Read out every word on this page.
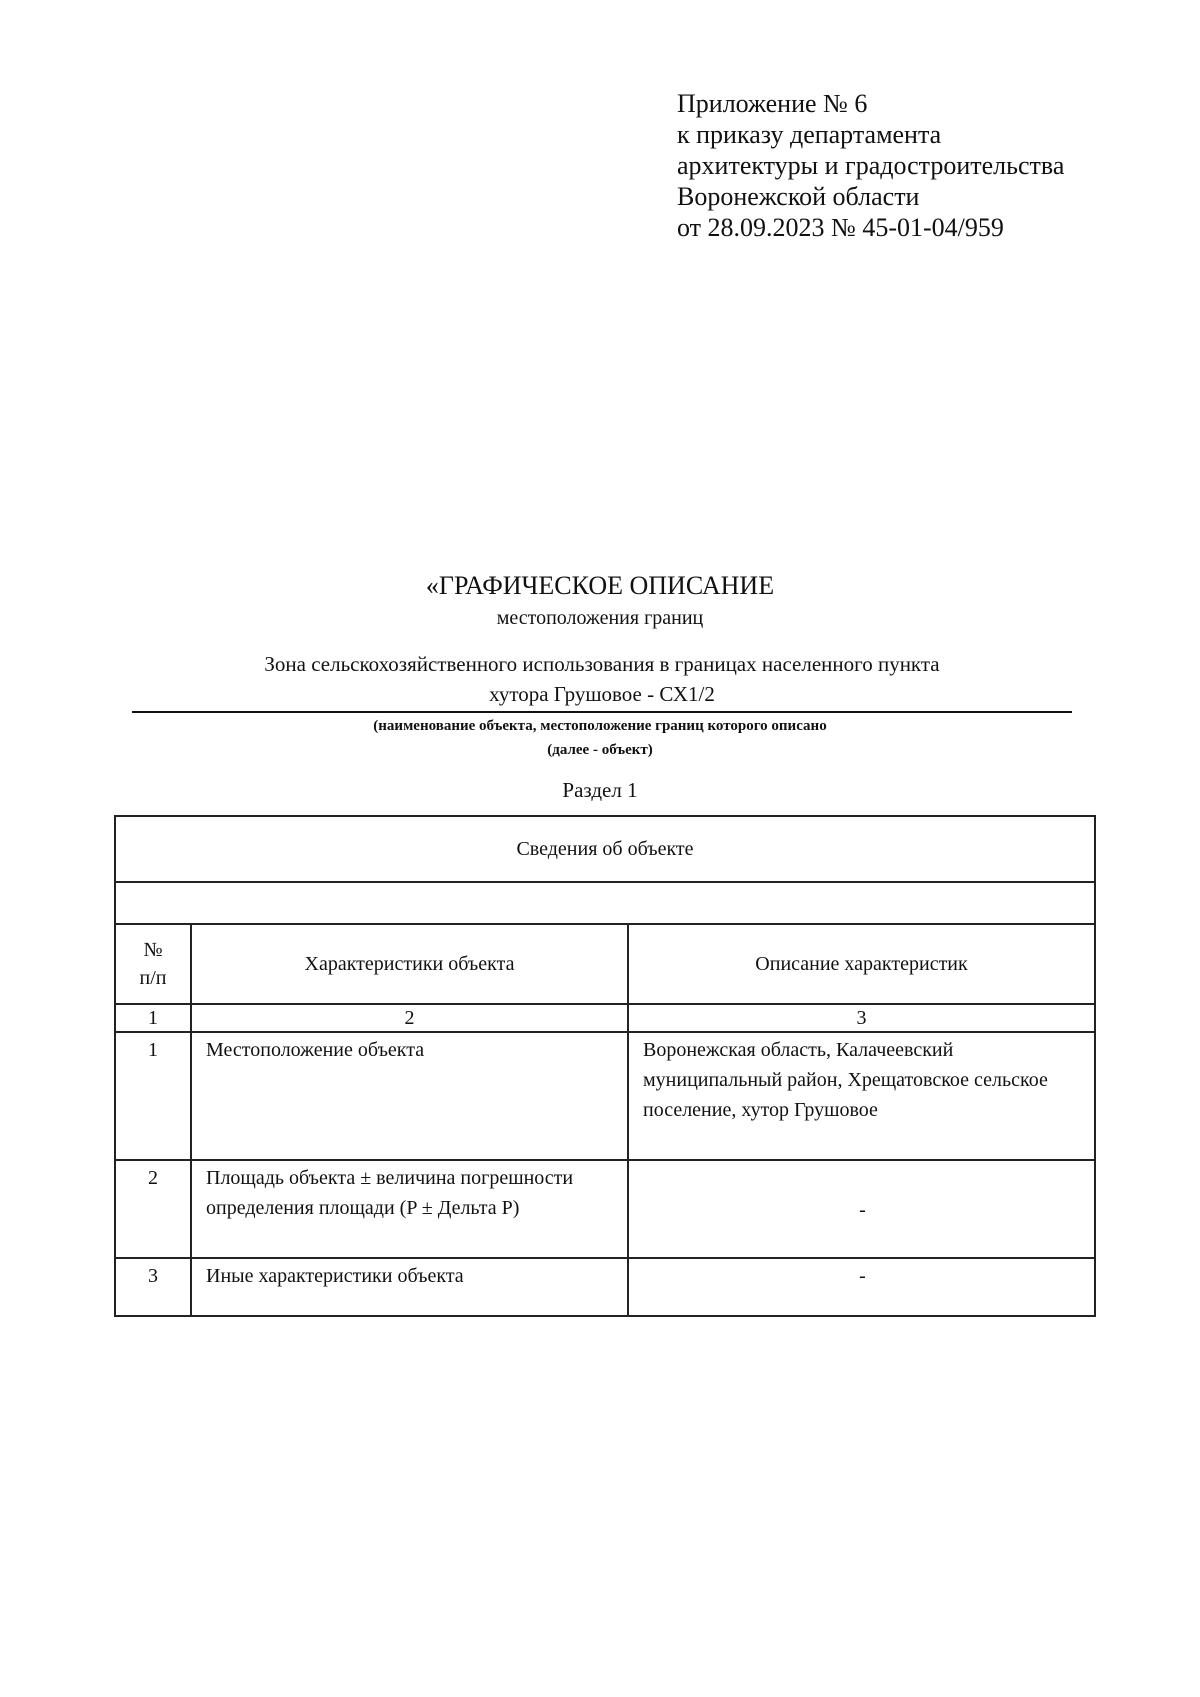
Приложение № 6
к приказу департамента
архитектуры и градостроительства
Воронежской области
от 28.09.2023 № 45-01-04/959
«ГРАФИЧЕСКОЕ ОПИСАНИЕ
местоположения границ
Зона сельскохозяйственного использования в границах населенного пункта
хутора Грушовое - СХ1/2
(наименование объекта, местоположение границ которого описано
(далее - объект)
Раздел 1
Сведения об объекте		

№
п/п	Характеристики объекта	Описание характеристик
1	2	3
1	Местоположение объекта	Воронежская область, Калачеевский муниципальный район, Хрещатовское сельское поселение, хутор Грушовое
2	Площадь объекта ± величина погрешности определения площади (P ± Дельта P)	-
3	Иные характеристики объекта	-
